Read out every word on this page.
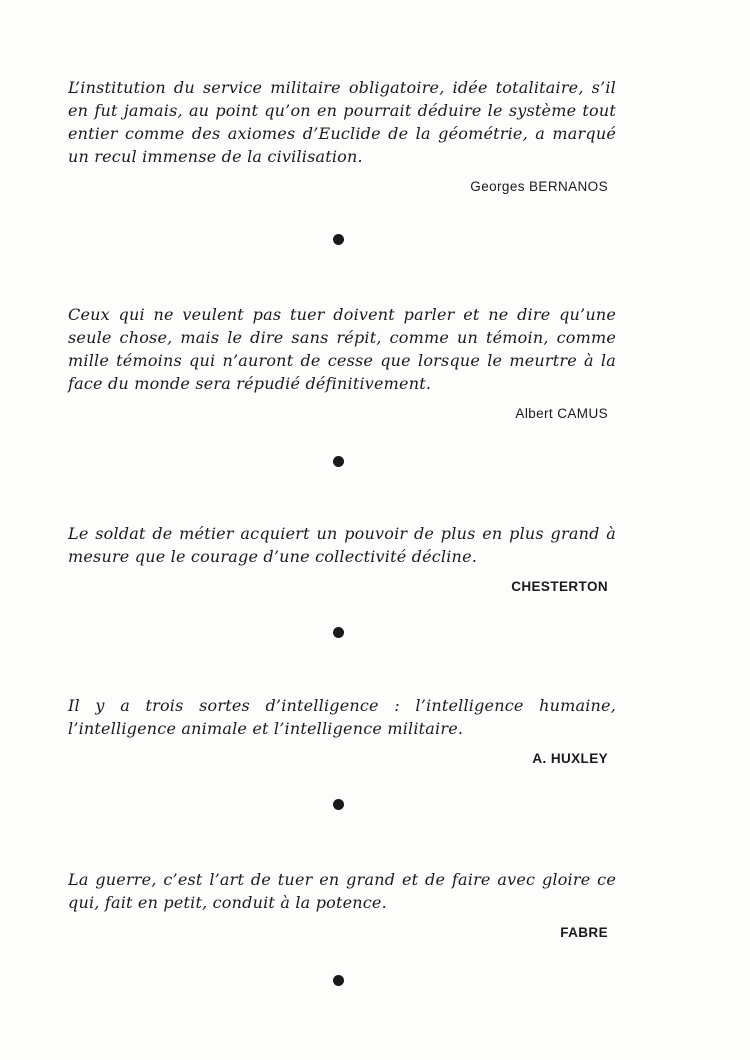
L’institution du service militaire obligatoire, idée totalitaire, s’il en fut jamais, au point qu’on en pourrait déduire le système tout entier comme des axiomes d’Euclide de la géométrie, a marqué un recul immense de la civilisation.

Georges BERNANOS

Ceux qui ne veulent pas tuer doivent parler et ne dire qu’une seule chose, mais le dire sans répit, comme un témoin, comme mille témoins qui n’auront de cesse que lorsque le meurtre à la face du monde sera répudié définitivement.

Albert CAMUS

Le soldat de métier acquiert un pouvoir de plus en plus grand à mesure que le courage d’une collectivité décline.

CHESTERTON

Il y a trois sortes d’intelligence : l’intelligence humaine, l’intelligence animale et l’intelligence militaire.

A. HUXLEY

La guerre, c’est l’art de tuer en grand et de faire avec gloire ce qui, fait en petit, conduit à la potence.

FABRE
